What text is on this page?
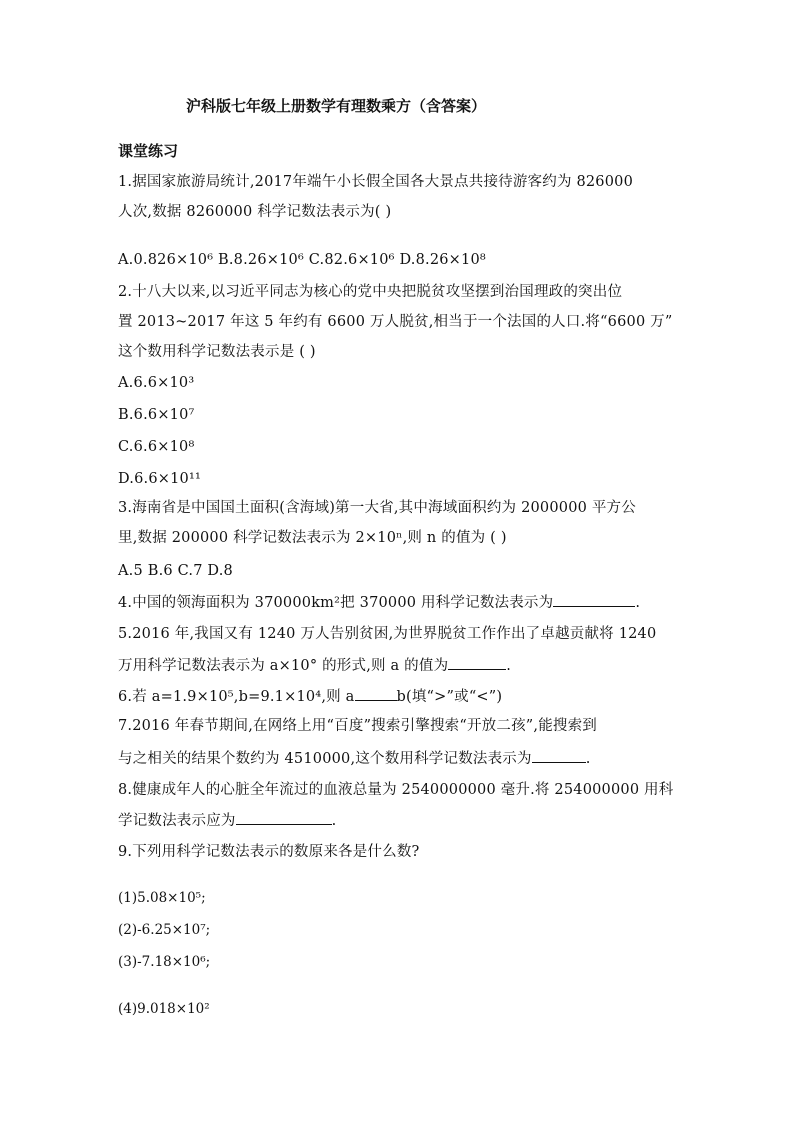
沪科版七年级上册数学有理数乘方（含答案）
课堂练习
1.据国家旅游局统计,2017年端午小长假全国各大景点共接待游客约为 826000
人次,数据 8260000 科学记数法表示为( )
A.0.826×10⁶ B.8.26×10⁶ C.82.6×10⁶ D.8.26×10⁸
2.十八大以来,以习近平同志为核心的党中央把脱贫攻坚摆到治国理政的突出位
置 2013~2017 年这 5 年约有 6600 万人脱贫,相当于一个法国的人口.将“6600 万”
这个数用科学记数法表示是 ( )
A.6.6×10³
B.6.6×10⁷
C.6.6×10⁸
D.6.6×10¹¹
3.海南省是中国国土面积(含海域)第一大省,其中海域面积约为 2000000 平方公
里,数据 200000 科学记数法表示为 2×10ⁿ,则 n 的值为 ( )
A.5 B.6 C.7 D.8
4.中国的领海面积为 370000km²把 370000 用科学记数法表示为	.
5.2016 年,我国又有 1240 万人告别贫困,为世界脱贫工作作出了卓越贡献将 1240
万用科学记数法表示为 a×10° 的形式,则 a 的值为	.
6.若 a=1.9×10⁵,b=9.1×10⁴,则 a	b(填“>”或“<”)
7.2016 年春节期间,在网络上用“百度”搜索引擎搜索“开放二孩”,能搜索到
与之相关的结果个数约为 4510000,这个数用科学记数法表示为	.
8.健康成年人的心脏全年流过的血液总量为 2540000000 毫升.将 254000000 用科
学记数法表示应为	.
9.下列用科学记数法表示的数原来各是什么数?
(1)5.08×10⁵;
(2)-6.25×10⁷;
(3)-7.18×10⁶;
(4)9.018×10²
